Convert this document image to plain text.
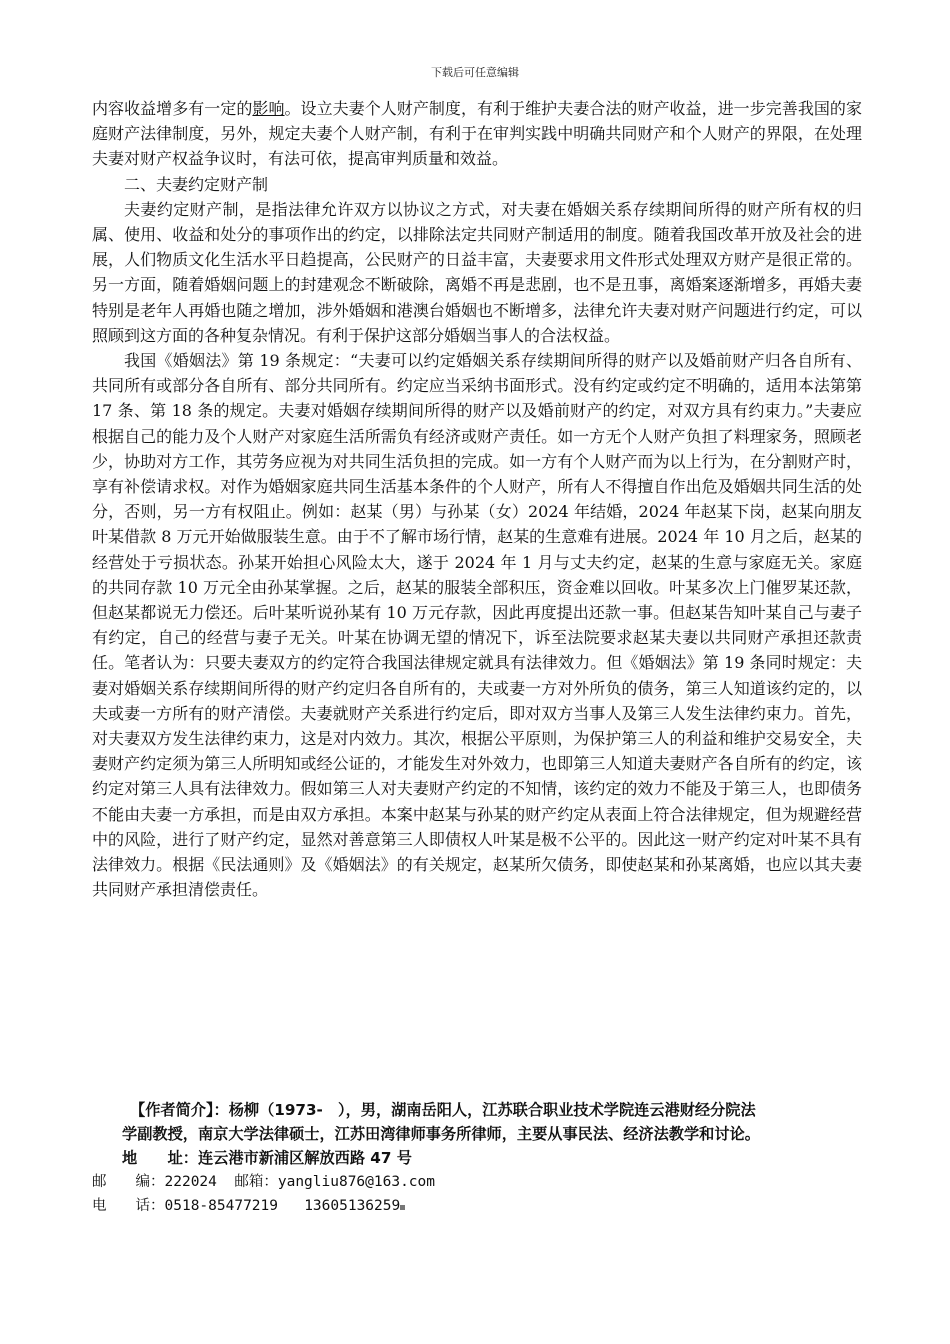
下载后可任意编辑

内容收益增多有一定的影响。设立夫妻个人财产制度，有利于维护夫妻合法的财产收益，进一步完善我国的家庭财产法律制度，另外，规定夫妻个人财产制，有利于在审判实践中明确共同财产和个人财产的界限，在处理夫妻对财产权益争议时，有法可依，提高审判质量和效益。

二、夫妻约定财产制

夫妻约定财产制，是指法律允许双方以协议之方式，对夫妻在婚姻关系存续期间所得的财产所有权的归属、使用、收益和处分的事项作出的约定，以排除法定共同财产制适用的制度。随着我国改革开放及社会的进展，人们物质文化生活水平日趋提高，公民财产的日益丰富，夫妻要求用文件形式处理双方财产是很正常的。另一方面，随着婚姻问题上的封建观念不断破除，离婚不再是悲剧，也不是丑事，离婚案逐渐增多，再婚夫妻特别是老年人再婚也随之增加，涉外婚姻和港澳台婚姻也不断增多，法律允许夫妻对财产问题进行约定，可以照顾到这方面的各种复杂情况。有利于保护这部分婚姻当事人的合法权益。

我国《婚姻法》第 19 条规定：“夫妻可以约定婚姻关系存续期间所得的财产以及婚前财产归各自所有、共同所有或部分各自所有、部分共同所有。约定应当采纳书面形式。没有约定或约定不明确的，适用本法第第 17 条、第 18 条的规定。夫妻对婚姻存续期间所得的财产以及婚前财产的约定，对双方具有约束力。”夫妻应根据自己的能力及个人财产对家庭生活所需负有经济或财产责任。如一方无个人财产负担了料理家务，照顾老少，协助对方工作，其劳务应视为对共同生活负担的完成。如一方有个人财产而为以上行为，在分割财产时，享有补偿请求权。对作为婚姻家庭共同生活基本条件的个人财产，所有人不得擅自作出危及婚姻共同生活的处分，否则，另一方有权阻止。例如：赵某（男）与孙某（女）2024 年结婚，2024 年赵某下岗，赵某向朋友叶某借款 8 万元开始做服装生意。由于不了解市场行情，赵某的生意难有进展。2024 年 10 月之后，赵某的经营处于亏损状态。孙某开始担心风险太大，遂于 2024 年 1 月与丈夫约定，赵某的生意与家庭无关。家庭的共同存款 10 万元全由孙某掌握。之后，赵某的服装全部积压，资金难以回收。叶某多次上门催罗某还款，但赵某都说无力偿还。后叶某听说孙某有 10 万元存款，因此再度提出还款一事。但赵某告知叶某自己与妻子有约定，自己的经营与妻子无关。叶某在协调无望的情况下，诉至法院要求赵某夫妻以共同财产承担还款责任。笔者认为：只要夫妻双方的约定符合我国法律规定就具有法律效力。但《婚姻法》第 19 条同时规定：夫妻对婚姻关系存续期间所得的财产约定归各自所有的，夫或妻一方对外所负的债务，第三人知道该约定的，以夫或妻一方所有的财产清偿。夫妻就财产关系进行约定后，即对双方当事人及第三人发生法律约束力。首先，对夫妻双方发生法律约束力，这是对内效力。其次，根据公平原则，为保护第三人的利益和维护交易安全，夫妻财产约定须为第三人所明知或经公证的，才能发生对外效力，也即第三人知道夫妻财产各自所有的约定，该约定对第三人具有法律效力。假如第三人对夫妻财产约定的不知情，该约定的效力不能及于第三人，也即债务不能由夫妻一方承担，而是由双方承担。本案中赵某与孙某的财产约定从表面上符合法律规定，但为规避经营中的风险，进行了财产约定，显然对善意第三人即债权人叶某是极不公平的。因此这一财产约定对叶某不具有法律效力。根据《民法通则》及《婚姻法》的有关规定，赵某所欠债务，即使赵某和孙某离婚，也应以其夫妻共同财产承担清偿责任。

【作者简介】：杨柳（1973-　），男，湖南岳阳人，江苏联合职业技术学院连云港财经分院法
学副教授，南京大学法律硕士，江苏田湾律师事务所律师，主要从事民法、经济法教学和讨论。
地　　址：连云港市新浦区解放西路 47 号
邮　　编：222024 邮箱：yangliu876@163.com
电　　话：0518-85477219 13605136259
